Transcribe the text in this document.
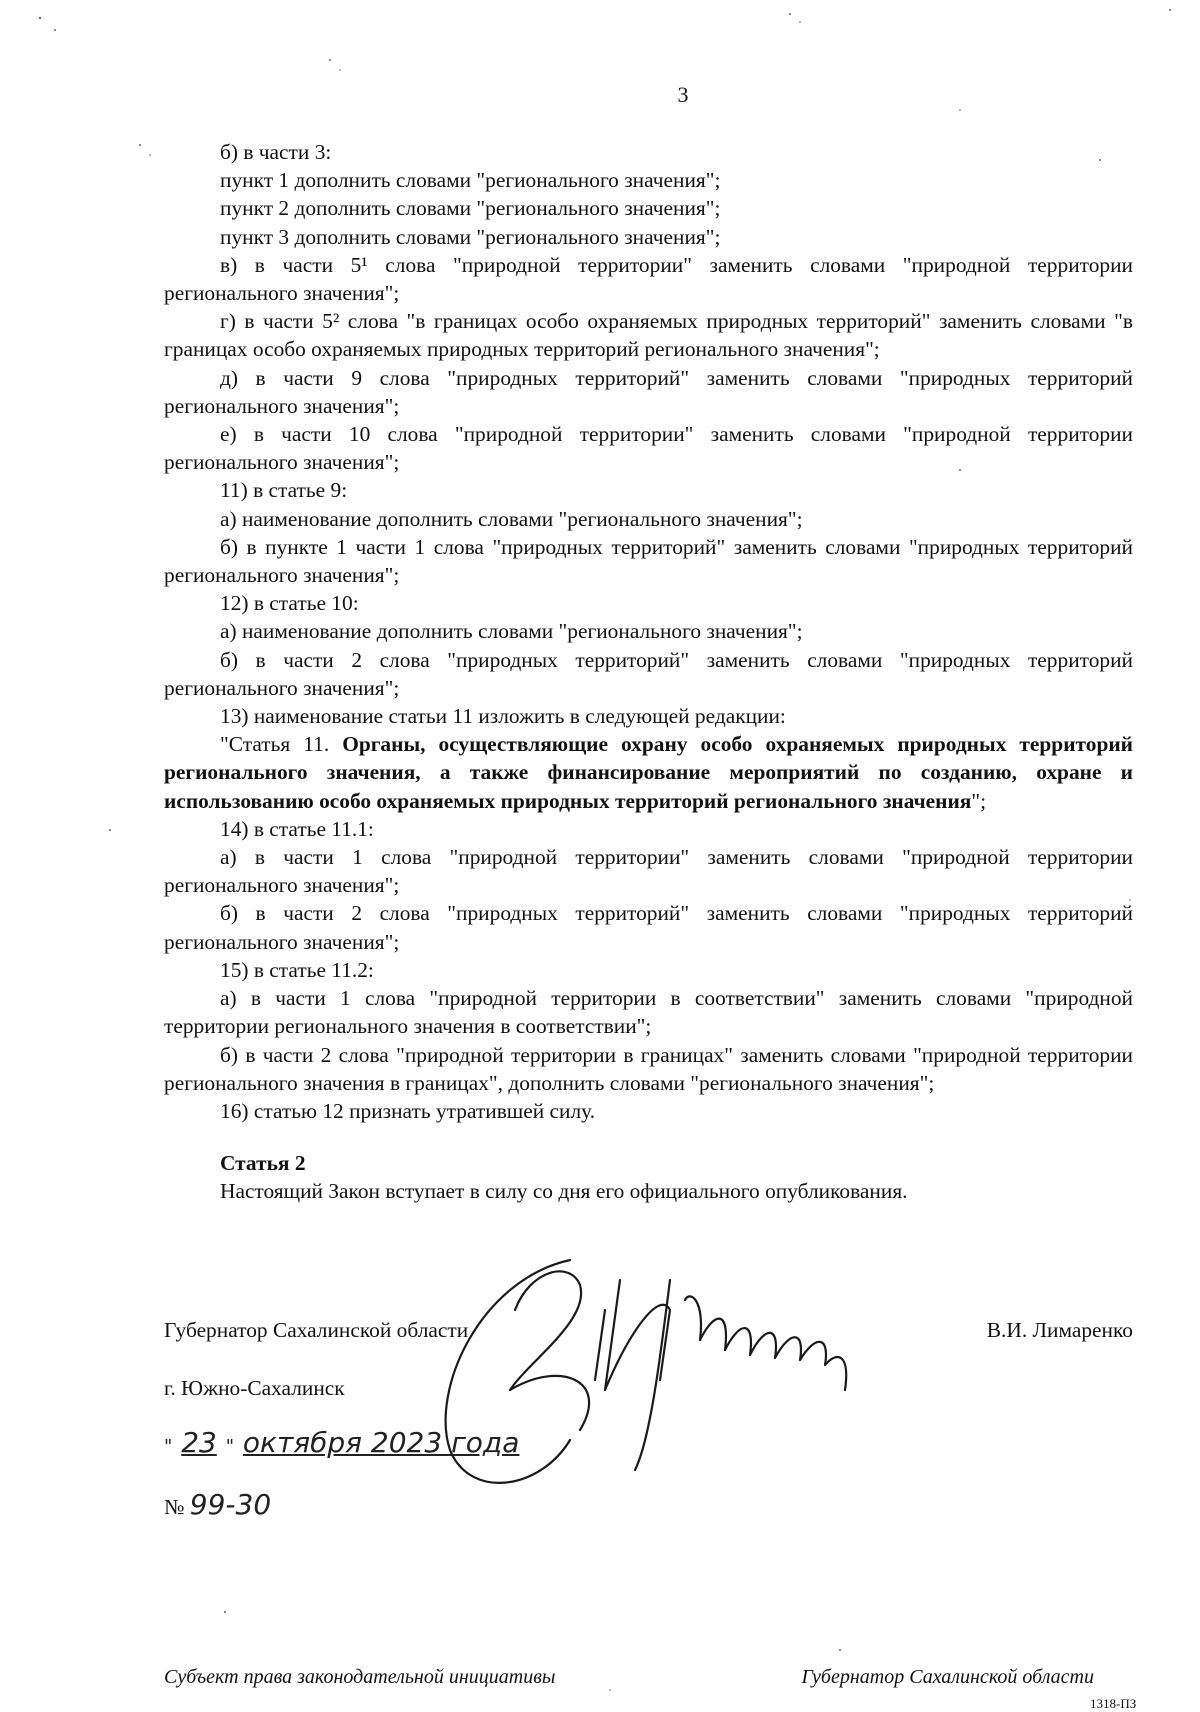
3

б) в части 3:

пункт 1 дополнить словами "регионального значения";

пункт 2 дополнить словами "регионального значения";

пункт 3 дополнить словами "регионального значения";

в) в части 5¹ слова "природной территории" заменить словами "природной территории регионального значения";

г) в части 5² слова "в границах особо охраняемых природных территорий" заменить словами "в границах особо охраняемых природных территорий регионального значения";

д) в части 9 слова "природных территорий" заменить словами "природных территорий регионального значения";

е) в части 10 слова "природной территории" заменить словами "природной территории регионального значения";

11) в статье 9:

а) наименование дополнить словами "регионального значения";

б) в пункте 1 части 1 слова "природных территорий" заменить словами "природных территорий регионального значения";

12) в статье 10:

а) наименование дополнить словами "регионального значения";

б) в части 2 слова "природных территорий" заменить словами "природных территорий регионального значения";

13) наименование статьи 11 изложить в следующей редакции:

"Статья 11. Органы, осуществляющие охрану особо охраняемых природных территорий регионального значения, а также финансирование мероприятий по созданию, охране и использованию особо охраняемых природных территорий регионального значения";

14) в статье 11.1:

а) в части 1 слова "природной территории" заменить словами "природной территории регионального значения";

б) в части 2 слова "природных территорий" заменить словами "природных территорий регионального значения";

15) в статье 11.2:

а) в части 1 слова "природной территории в соответствии" заменить словами "природной территории регионального значения в соответствии";

б) в части 2 слова "природной территории в границах" заменить словами "природной территории регионального значения в границах", дополнить словами "регионального значения";

16) статью 12 признать утратившей силу.

Статья 2

Настоящий Закон вступает в силу со дня его официального опубликования.

Губернатор Сахалинской области	В.И. Лимаренко
г. Южно-Сахалинск
" 23 " октября 2023 года
№ 99-30
Субъект права законодательной инициативы	Губернатор Сахалинской области
1318-ПЗ
